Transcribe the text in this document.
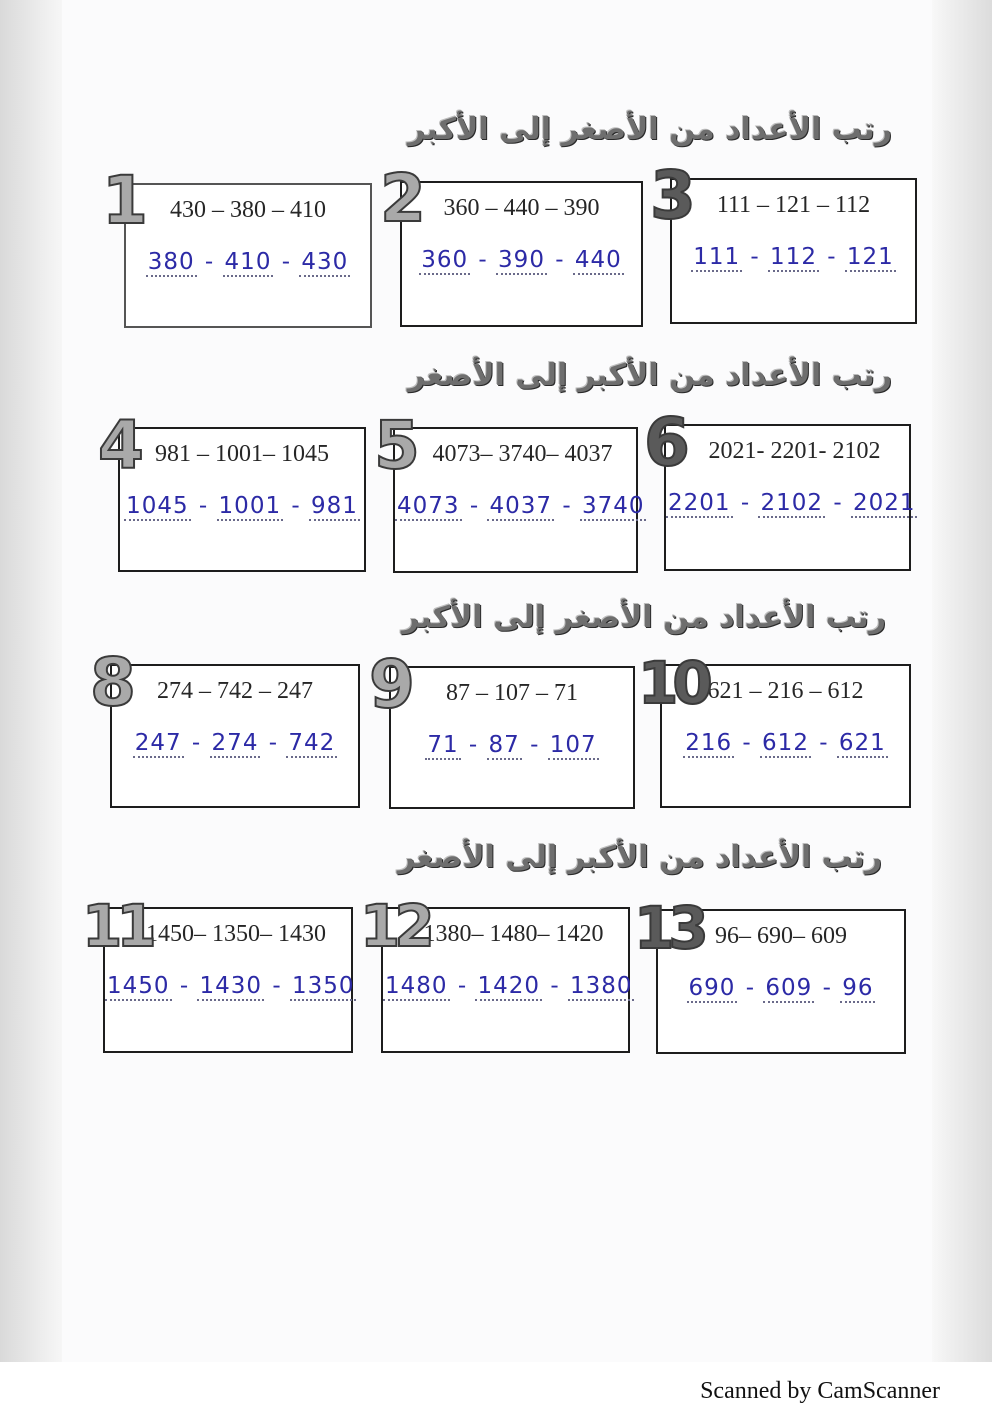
رتب الأعداد من الأصغر إلى الأكبر
رتب الأعداد من الأكبر إلى الأصغر
رتب الأعداد من الأصغر إلى الأكبر
رتب الأعداد من الأكبر إلى الأصغر
430 – 380 – 410
380 - 410 - 430
1	360 – 440 – 390
360 - 390 - 440
2	111 – 121 – 112
111 - 112 - 121
3
981 – 1001– 1045
1045 - 1001 - 981
4	4073– 3740– 4037
4073 - 4037 - 3740
5	2021- 2201- 2102
2201 - 2102 - 2021
6
274 – 742 – 247
247 - 274 - 742
8	87 – 107 – 71
71 - 87 - 107
9	621 – 216 – 612
216 - 612 - 621
10
1450– 1350– 1430
1450 - 1430 - 1350
11	1380– 1480– 1420
1480 - 1420 - 1380
12	96– 690– 609
690 - 609 - 96
13
Scanned by CamScanner
